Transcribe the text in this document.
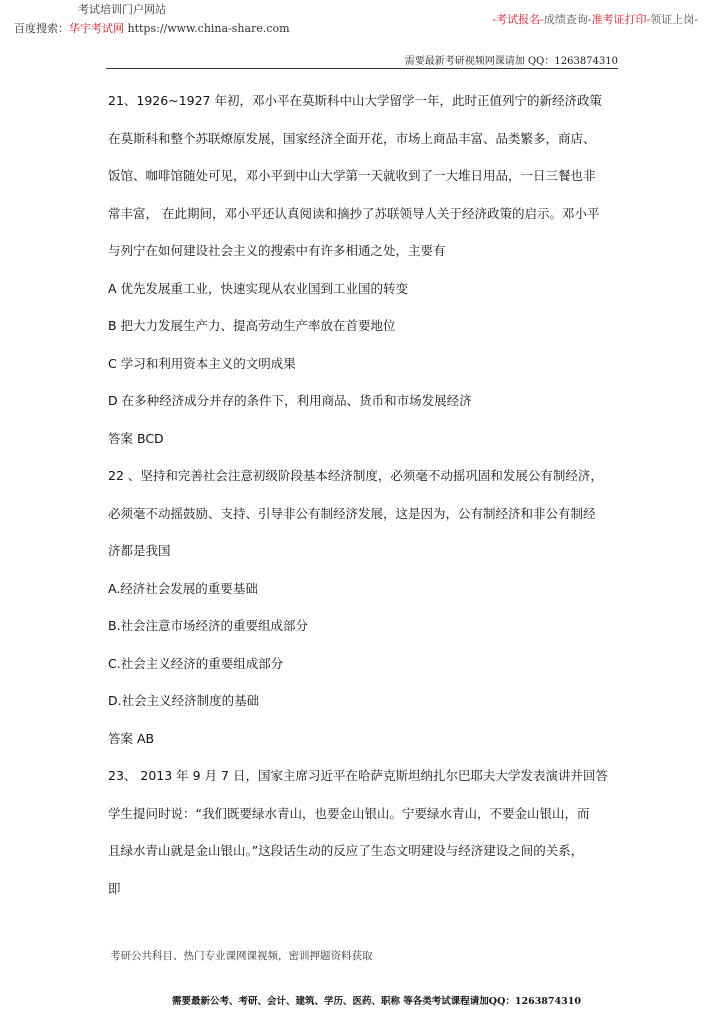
考试培训门户网站
百度搜索：华宇考试网 https://www.china-share.com
-考试报名-成绩查询-准考证打印-领证上岗-
需要最新考研视频网课请加 QQ：1263874310

21、1926~1927 年初，邓小平在莫斯科中山大学留学一年，此时正值列宁的新经济政策

在莫斯科和整个苏联燎原发展，国家经济全面开花，市场上商品丰富、品类繁多，商店、

饭馆、咖啡馆随处可见，邓小平到中山大学第一天就收到了一大堆日用品，一日三餐也非

常丰富， 在此期间，邓小平还认真阅读和摘抄了苏联领导人关于经济政策的启示。邓小平

与列宁在如何建设社会主义的搜索中有许多相通之处，主要有

A 优先发展重工业，快速实现从农业国到工业国的转变

B 把大力发展生产力、提高劳动生产率放在首要地位

C 学习和利用资本主义的文明成果

D 在多种经济成分并存的条件下，利用商品、货币和市场发展经济

答案 BCD

22 、坚持和完善社会注意初级阶段基本经济制度，必须毫不动摇巩固和发展公有制经济，

必须毫不动摇鼓励、支持、引导非公有制经济发展，这是因为，公有制经济和非公有制经

济都是我国

A.经济社会发展的重要基础

B.社会注意市场经济的重要组成部分

C.社会主义经济的重要组成部分

D.社会主义经济制度的基础

答案 AB

23、 2013 年 9 月 7 日，国家主席习近平在哈萨克斯坦纳扎尔巴耶夫大学发表演讲并回答

学生提问时说：“我们既要绿水青山，也要金山银山。宁要绿水青山，不要金山银山，而

且绿水青山就是金山银山。”这段话生动的反应了生态文明建设与经济建设之间的关系，

即

考研公共科目、热门专业课网课视频，密训押题资料获取
需要最新公考、考研、会计、建筑、学历、医药、职称 等各类考试课程请加QQ：1263874310
